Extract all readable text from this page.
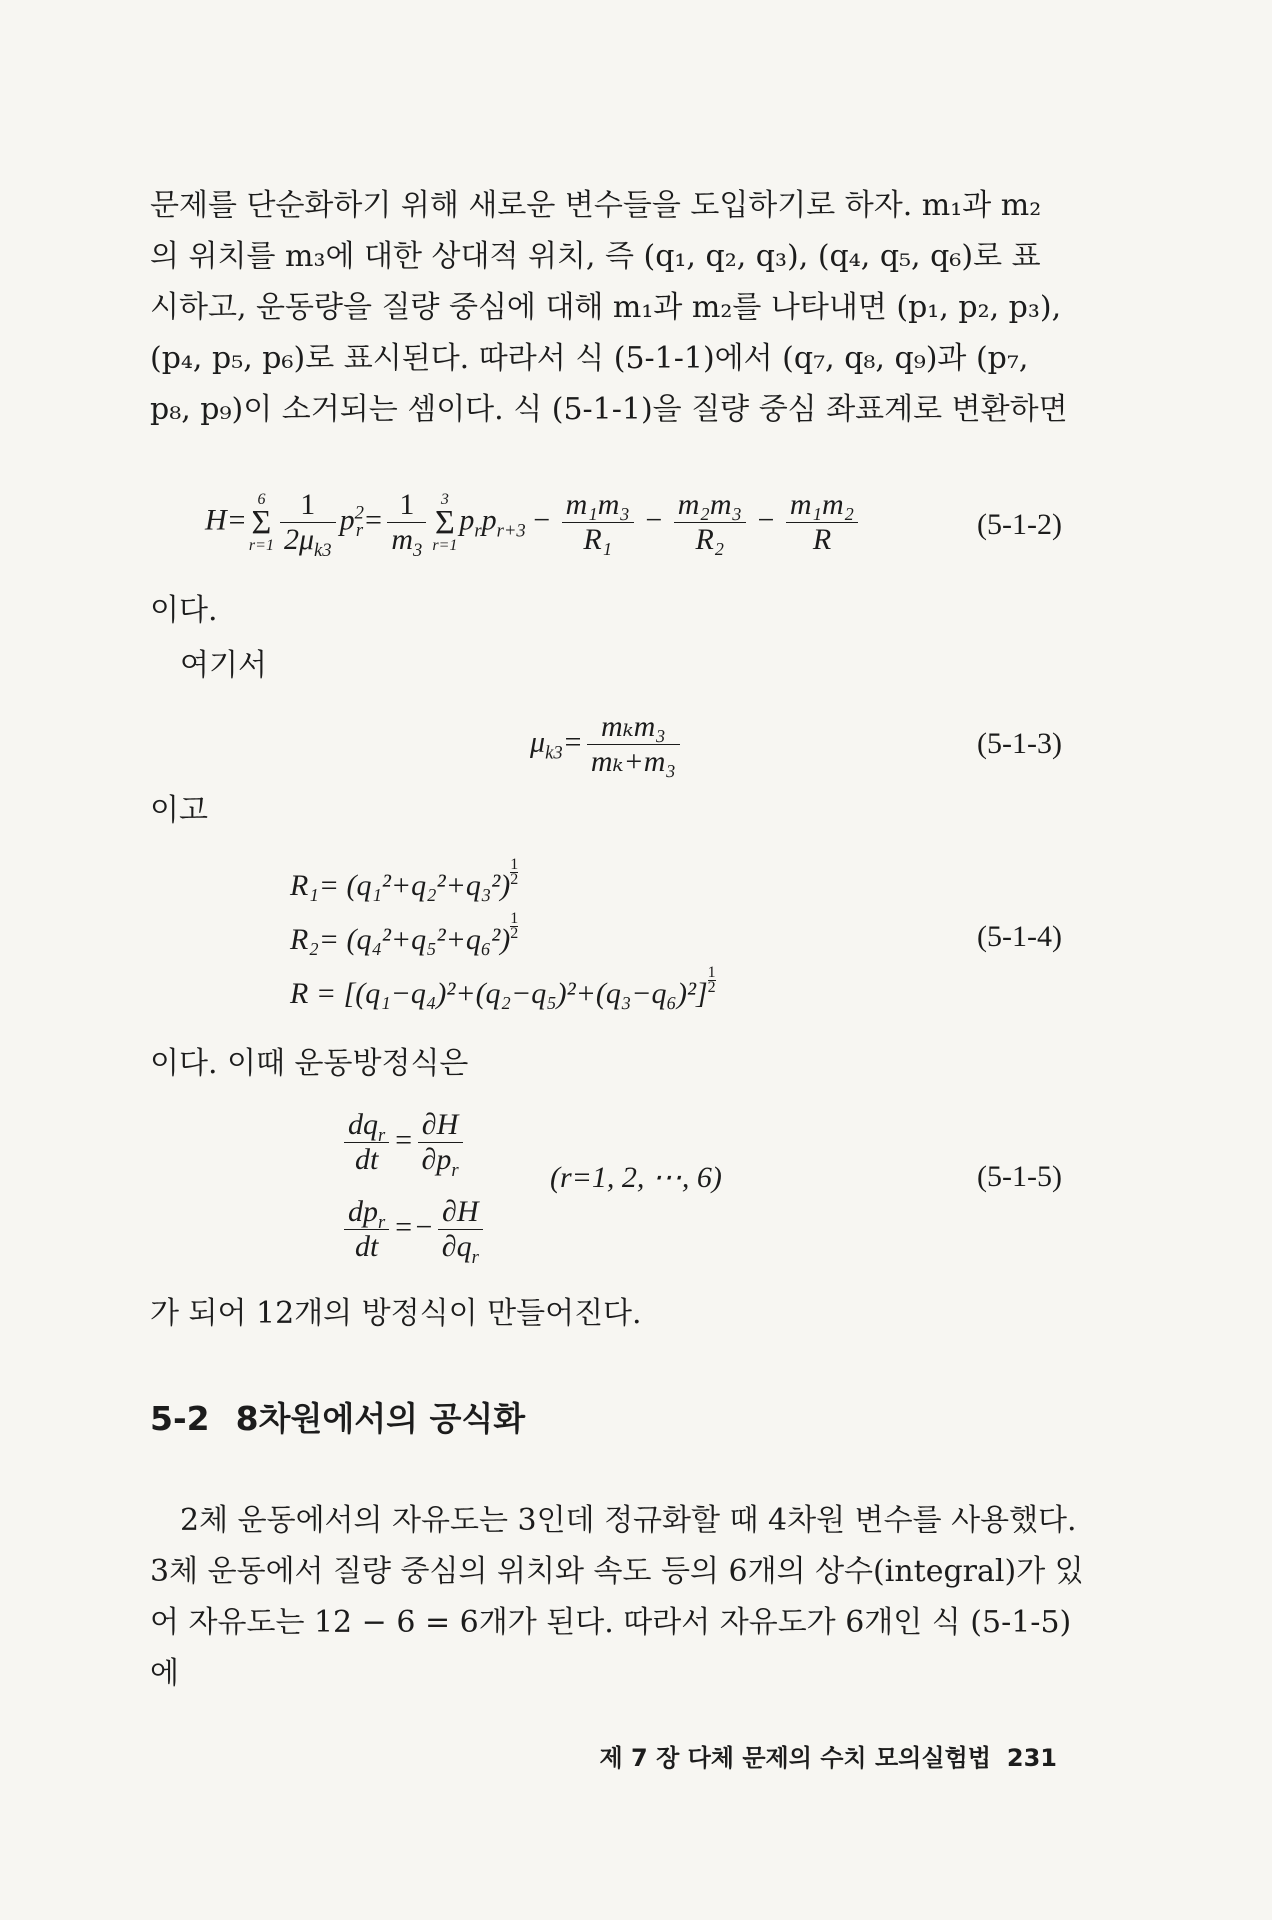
문제를 단순화하기 위해 새로운 변수들을 도입하기로 하자. m₁과 m₂

의 위치를 m₃에 대한 상대적 위치, 즉 (q₁, q₂, q₃), (q₄, q₅, q₆)로 표

시하고, 운동량을 질량 중심에 대해 m₁과 m₂를 나타내면 (p₁, p₂, p₃),

(p₄, p₅, p₆)로 표시된다. 따라서 식 (5-1-1)에서 (q₇, q₈, q₉)과 (p₇,

p₈, p₉)이 소거되는 셈이다. 식 (5-1-1)을 질량 중심 좌표계로 변환하면

H=
6
Σ
$r=1 \frac{1}{2\mu_{k3}} p^2_r= \frac{1}{m_3} 3$
Σ
r=1
$p_rp_{r+3} - \frac{\text{m₁m₃}}{\text{R₁}} - \frac{\text{m₂m₃}}{\text{R₂}} - \frac{\text{m₁m₂}}{R}$	(5-1-2)
이다.
여기서
$\mu_{k3}= \frac{\text{mₖm₃}}{\text{mₖ+m₃}}$	(5-1-3)
이고
$R_1= (q_1^2+q_2^2+q_3^2) \frac{1}{2}$
$R_2= (q_4^2+q_5^2+q_6^2) \frac{1}{2}$
$R = [(q_1-q_4)^2+(q_2-q_5)^2+(q_3-q_6)^2] \frac{1}{2}$
(5-1-4)
이다. 이때 운동방정식은
$\frac{dq_r}{dt} = \frac{\partial H}{\partial p_r}$
$\frac{dp_r}{dt} =- \frac{\partial H}{\partial q_r}$
(r=1, 2, ⋯, 6)	(5-1-5)
가 되어 12개의 방정식이 만들어진다.
5-2 8차원에서의 공식화

2체 운동에서의 자유도는 3인데 정규화할 때 4차원 변수를 사용했다.

3체 운동에서 질량 중심의 위치와 속도 등의 6개의 상수(integral)가 있

어 자유도는 12 − 6 = 6개가 된다. 따라서 자유도가 6개인 식 (5-1-5)에

제 7 장 다체 문제의 수치 모의실험법 231
